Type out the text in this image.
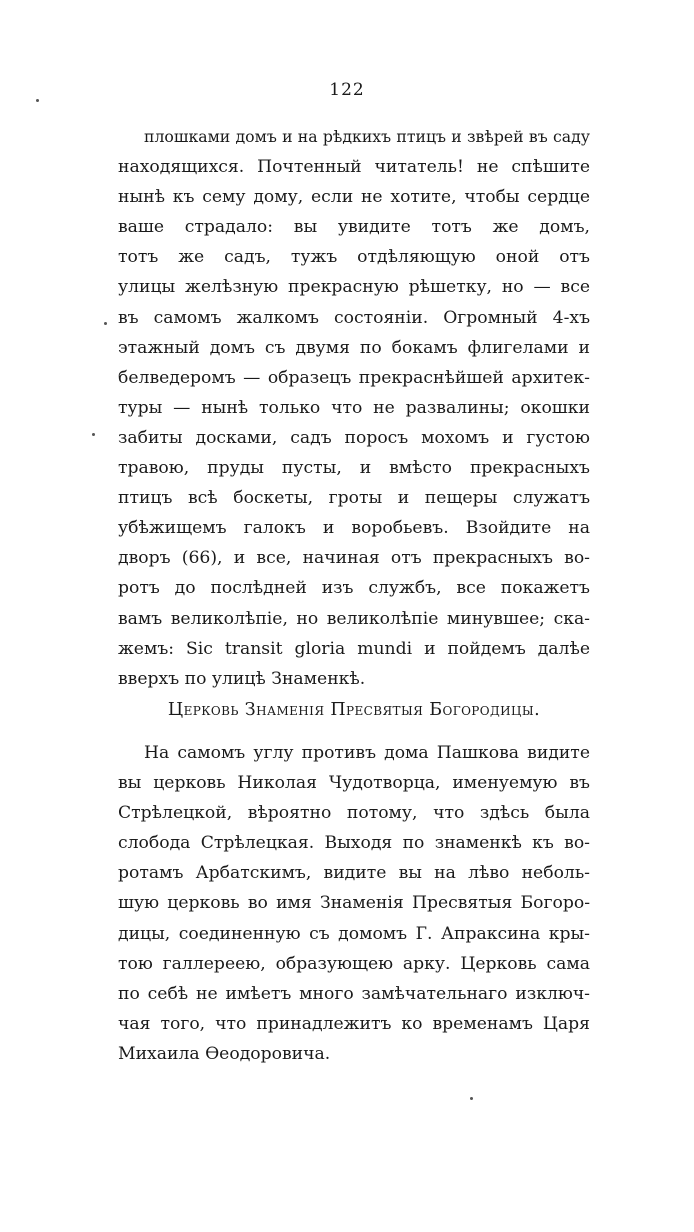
122
плошками домъ и на рѣдкихъ птицъ и звѣрей въ саду
находящихся. Почтенный читатель! не спѣшите
нынѣ къ сему дому, если не хотите, чтобы сердце
ваше страдало: вы увидите тотъ же домъ,
тотъ же садъ, тужъ отдѣляющую оной отъ
улицы желѣзную прекрасную рѣшетку, но — все
въ самомъ жалкомъ состояніи. Огромный 4-хъ
этажный домъ съ двумя по бокамъ флигелами и
белведеромъ — образецъ прекраснѣйшей архитек-
туры — нынѣ только что не развалины; окошки
забиты досками, садъ поросъ мохомъ и густою
травою, пруды пусты, и вмѣсто прекрасныхъ
птицъ всѣ боскеты, гроты и пещеры служатъ
убѣжищемъ галокъ и воробьевъ. Взойдите на
дворъ (66), и все, начиная отъ прекрасныхъ во-
ротъ до послѣдней изъ службъ, все покажетъ
вамъ великолѣпіе, но великолѣпіе минувшее; ска-
жемъ: Sic transit gloria mundi и пойдемъ далѣе
вверхъ по улицѣ Знаменкѣ.
Церковь Знаменія Пресвятыя Богородицы.
На самомъ углу противъ дома Пашкова видите
вы церковь Николая Чудотворца, именуемую въ
Стрѣлецкой, вѣроятно потому, что здѣсь была
слобода Стрѣлецкая. Выходя по знаменкѣ къ во-
ротамъ Арбатскимъ, видите вы на лѣво неболь-
шую церковь во имя Знаменія Пресвятыя Богоро-
дицы, соединенную съ домомъ Г. Апраксина кры-
тою галлереею, образующею арку. Церковь сама
по себѣ не имѣетъ много замѣчательнаго изключ-
чая того, что принадлежитъ ко временамъ Царя
Михаила Ѳеодоровича.
